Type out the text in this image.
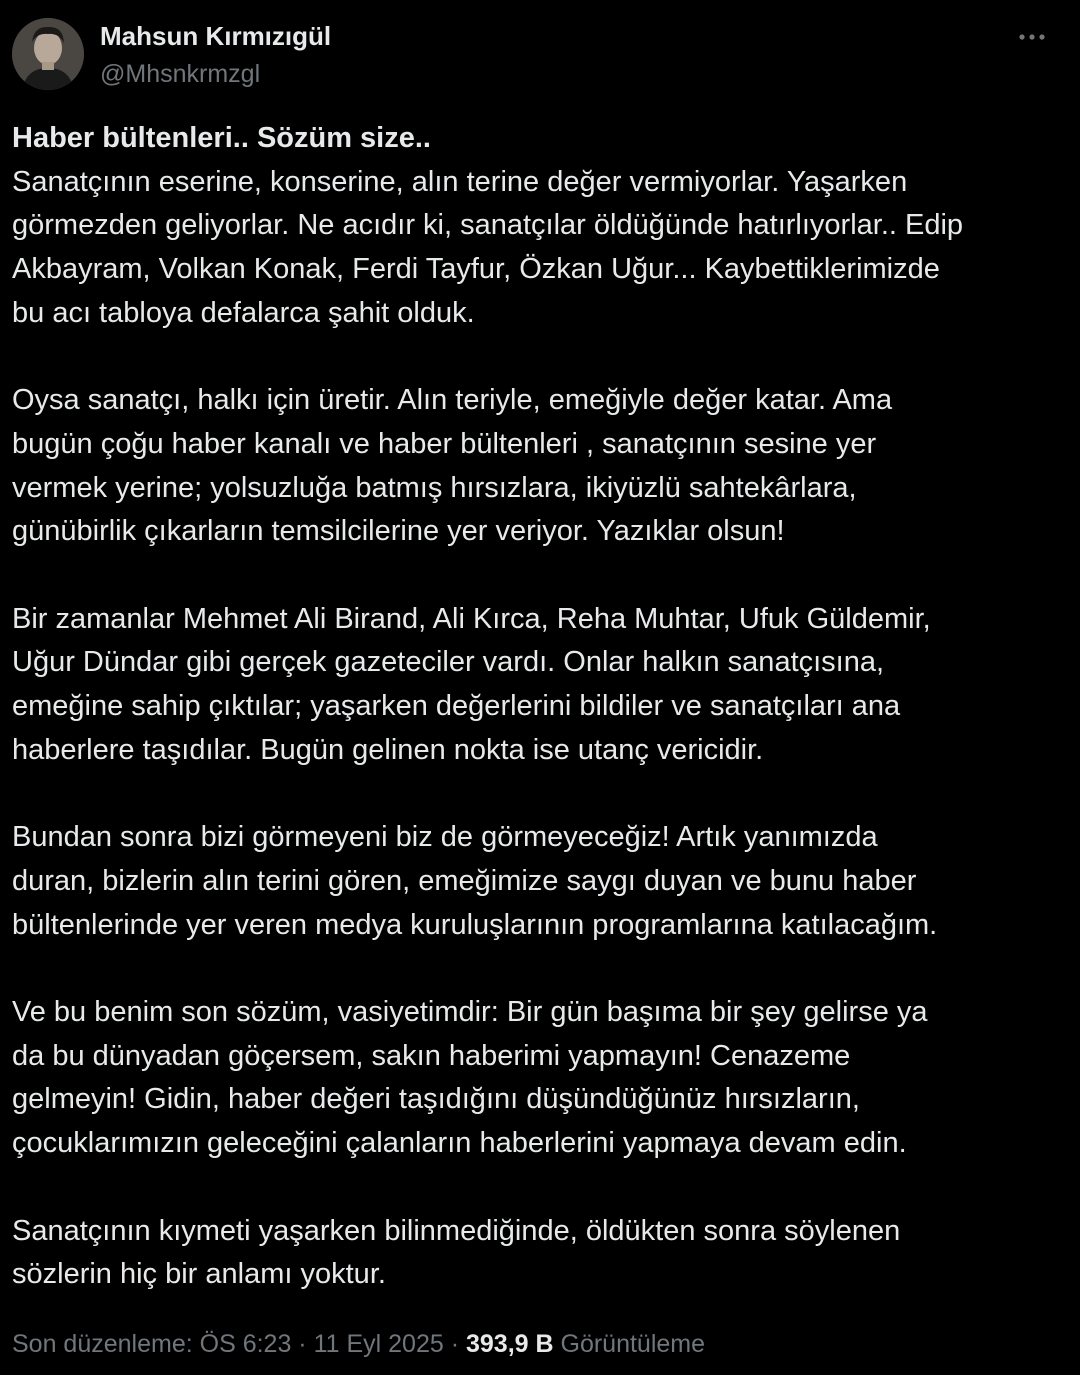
Mahsun Kırmızıgül
@Mhsnkrmzgl

Haber bültenleri.. Sözüm size..

Sanatçının eserine, konserine, alın terine değer vermiyorlar. Yaşarken
görmezden geliyorlar. Ne acıdır ki, sanatçılar öldüğünde hatırlıyorlar.. Edip
Akbayram, Volkan Konak, Ferdi Tayfur, Özkan Uğur... Kaybettiklerimizde
bu acı tabloya defalarca şahit olduk.

Oysa sanatçı, halkı için üretir. Alın teriyle, emeğiyle değer katar. Ama
bugün çoğu haber kanalı ve haber bültenleri , sanatçının sesine yer
vermek yerine; yolsuzluğa batmış hırsızlara, ikiyüzlü sahtekârlara,
günübirlik çıkarların temsilcilerine yer veriyor. Yazıklar olsun!

Bir zamanlar Mehmet Ali Birand, Ali Kırca, Reha Muhtar, Ufuk Güldemir,
Uğur Dündar gibi gerçek gazeteciler vardı. Onlar halkın sanatçısına,
emeğine sahip çıktılar; yaşarken değerlerini bildiler ve sanatçıları ana
haberlere taşıdılar. Bugün gelinen nokta ise utanç vericidir.

Bundan sonra bizi görmeyeni biz de görmeyeceğiz! Artık yanımızda
duran, bizlerin alın terini gören, emeğimize saygı duyan ve bunu haber
bültenlerinde yer veren medya kuruluşlarının programlarına katılacağım.

Ve bu benim son sözüm, vasiyetimdir: Bir gün başıma bir şey gelirse ya
da bu dünyadan göçersem, sakın haberimi yapmayın! Cenazeme
gelmeyin! Gidin, haber değeri taşıdığını düşündüğünüz hırsızların,
çocuklarımızın geleceğini çalanların haberlerini yapmaya devam edin.

Sanatçının kıymeti yaşarken bilinmediğinde, öldükten sonra söylenen
sözlerin hiç bir anlamı yoktur.

Son düzenleme: ÖS 6:23 · 11 Eyl 2025 · 393,9 B Görüntüleme
